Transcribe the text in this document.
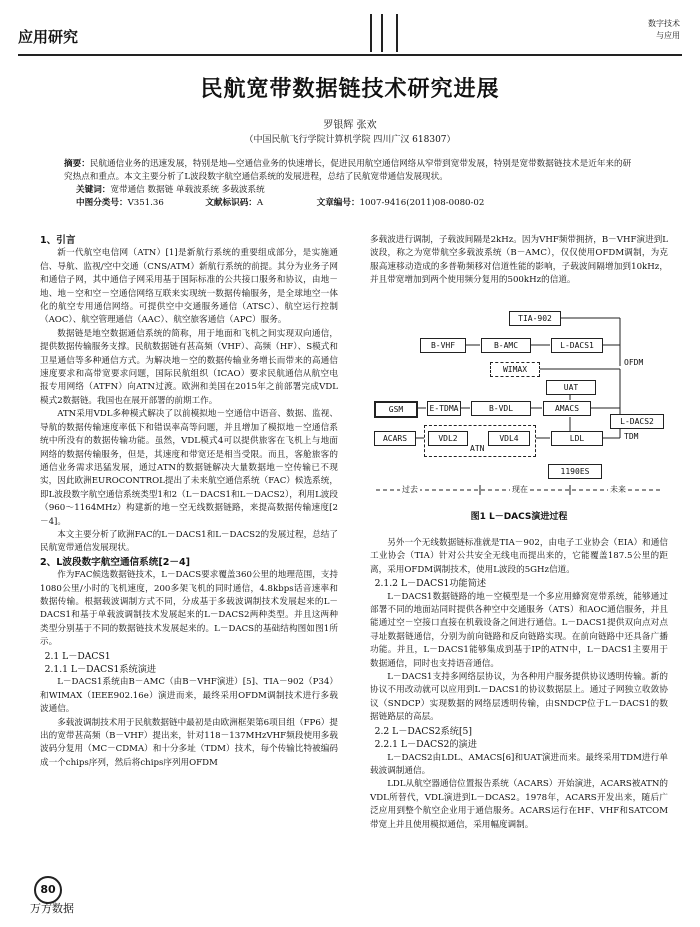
应用研究
数字技术
与应用
民航宽带数据链技术研究进展
罗银辉 张欢
（中国民航飞行学院计算机学院 四川广汉 618307）
摘要：民航通信业务的迅速发展，特别是地—空通信业务的快速增长，促进民用航空通信网络从窄带到宽带发展，特别是宽带数据链技术是近年来的研究热点和重点。本文主要分析了L波段数字航空通信系统的发展进程，总结了民航宽带通信发展现状。
关键词：宽带通信 数据链 单载波系统 多载波系统
中图分类号：V351.36	文献标识码：A	文章编号：1007-9416(2011)08-0080-02

1、引言

新一代航空电信网（ATN）[1]是新航行系统的重要组成部分，是实施通信、导航、监视/空中交通（CNS/ATM）新航行系统的前提。其分为业务子网和通信子网，其中通信子网采用基于国际标准的公共接口服务和协议，由地－地、地－空和空－空通信网络互联来实现统一数据传输服务，是全球地空一体化的航空专用通信网络。可提供空中交通服务通信（ATSC）、航空运行控制（AOC）、航空管理通信（AAC）、航空旅客通信（APC）服务。

数据链是地空数据通信系统的简称，用于地面和飞机之间实现双向通信，提供数据传输服务支撑。民航数据链有甚高频（VHF）、高频（HF）、S模式和卫星通信等多种通信方式。为解决地－空的数据传输业务增长而带来的高通信速度要求和高带宽要求问题，国际民航组织（ICAO）要求民航通信从航空电报专用网络（ATFN）向ATN过渡。欧洲和美国在2015年之前部署完成VDL模式2数据链。我国也在展开部署的前期工作。

ATN采用VDL多种模式解决了以前模拟地－空通信中语音、数据、监视、导航的数据传输速度率低下和错误率高等问题，并且增加了模拟地－空通信系统中所没有的数据传输功能。虽然，VDL模式4可以提供旅客在飞机上与地面网络的数据传输服务，但是，其速度和带宽还是相当受限。而且，客舱旅客的通信业务需求迅猛发展，通过ATN的数据链解决大量数据地－空传输已不现实，因此欧洲EUROCONTROL提出了未来航空通信系统（FAC）候选系统，即L波段数字航空通信系统类型1和2（L－DACS1和L－DACS2），利用L波段（960～1164MHz）构建新的地－空无线数据链路，来提高数据传输速度[2－4]。

本文主要分析了欧洲FAC的L－DACS1和L－DACS2的发展过程，总结了民航宽带通信发展现状。

2、L波段数字航空通信系统[2－4]

作为FAC候选数据链技术，L－DACS要求覆盖360公里的地理范围，支持1080公里/小时的飞机速度，200多架飞机的同时通信，4.8kbps话音速率和数据传输。根据载波调制方式不同，分成基于多载波调制技术发展起来的L－DACS1和基于单载波调制技术发展起来的L－DACS2两种类型。并且这两种类型分别基于不同的数据链技术发展起来的。L－DACS的基础结构图如图1所示。

2.1 L－DACS1

2.1.1 L－DACS1系统演进

L－DACS1系统由B－AMC（由B－VHF演进）[5]、TIA－902（P34）和WIMAX（IEEE902.16e）演进而来，最终采用OFDM调制技术进行多载波通信。

多载波调制技术用于民航数据链中最初是由欧洲框架第6项目组（FP6）提出的宽带甚高频（B－VHF）提出来，针对118－137MHzVHF频段使用多载波码分复用（MC－CDMA）和十分多址（TDM）技术，每个传输比特被编码成一个chips序列，然后将chips序列用OFDM

多载波进行调制，子载波间隔是2kHz。因为VHF频带拥挤，B－VHF演进到L波段，称之为宽带航空多载波系统（B－AMC），仅仅使用OFDM调制，为克服高速移动造成的多普勒频移对信道性能的影响，子载波间隔增加到10kHz，并且带宽增加到两个使用频分复用的500kHz的信道。

TIA-902
B-VHF	B-AMC	L-DACS1
WIMAX
OFDM
UAT
GSM	E-TDMA	B-VDL	AMACS
L-DACS2
TDM
ACARS	VDL2	VDL4
ATN
LDL
1190ES
过去	现在	未来
图1 L－DACS演进过程

另外一个无线数据链标准就是TIA－902，由电子工业协会（EIA）和通信工业协会（TIA）针对公共安全无线电而提出来的，它能覆盖187.5公里的距离，采用OFDM调制技术，使用L波段的5GHz信道。

2.1.2 L－DACS1功能简述

L－DACS1数据链路的地－空模型是一个多应用蜂窝宽带系统，能够通过部署不同的地面站同时提供各种空中交通服务（ATS）和AOC通信服务，并且能通过空－空接口直接在机载设备之间进行通信。L－DACS1提供双向点对点寻址数据链通信，分别为前向链路和反向链路实现。在前向链路中还具备广播功能。并且，L－DACS1能够集成到基于IP的ATN中，L－DACS1主要用于数据通信，同时也支持语音通信。

L－DACS1支持多网络层协议，为各种用户服务提供协议透明传输。新的协议不用改动就可以应用到L－DACS1的协议数据层上。通过子网独立收敛协议（SNDCP）实现数据的网络层透明传输，由SNDCP位于L－DACS1的数据链路层的高层。

2.2 L－DACS2系统[5]

2.2.1 L－DACS2的演进

L－DACS2由LDL、AMACS[6]和UAT演进而来。最终采用TDM进行单载波调制通信。

LDL从航空器通信位置报告系统（ACARS）开始演进，ACARS被ATN的VDL所替代，VDL演进到L－DCAS2。1978年，ACARS开发出来，随后广泛应用到整个航空企业用于通信服务。ACARS运行在HF、VHF和SATCOM带宽上并且使用模拟通信，采用幅度调制。

80
万方数据
